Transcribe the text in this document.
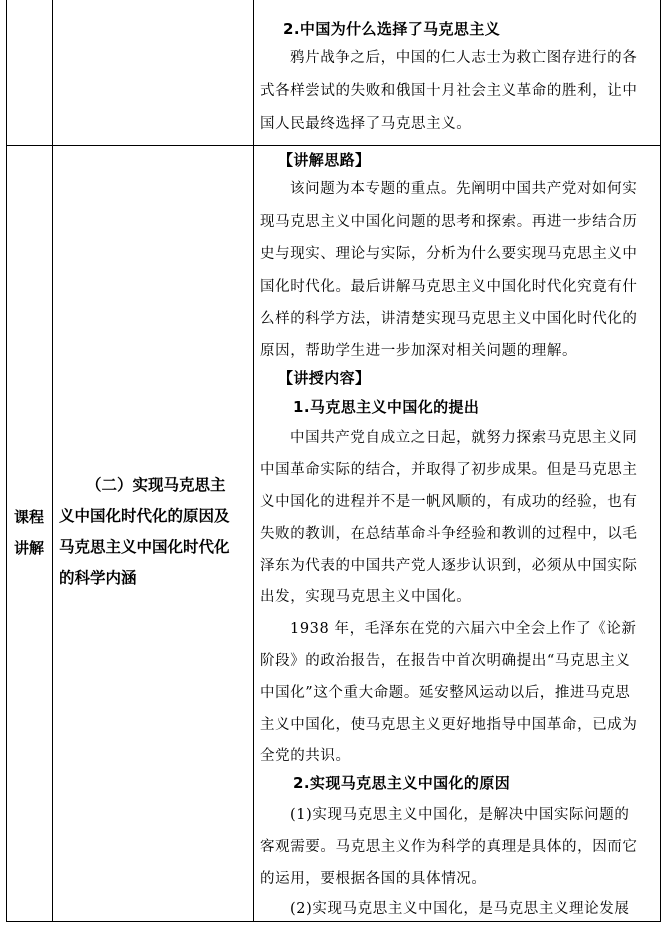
2.中国为什么选择了马克思主义
鸦片战争之后，中国的仁人志士为救亡图存进行的各
式各样尝试的失败和俄国十月社会主义革命的胜利，让中
国人民最终选择了马克思主义。
课程
讲解
（二）实现马克思主
义中国化时代化的原因及
马克思主义中国化时代化
的科学内涵
【讲解思路】
该问题为本专题的重点。先阐明中国共产党对如何实
现马克思主义中国化问题的思考和探索。再进一步结合历
史与现实、理论与实际，分析为什么要实现马克思主义中
国化时代化。最后讲解马克思主义中国化时代化究竟有什
么样的科学方法，讲清楚实现马克思主义中国化时代化的
原因，帮助学生进一步加深对相关问题的理解。
【讲授内容】
1.马克思主义中国化的提出
中国共产党自成立之日起，就努力探索马克思主义同
中国革命实际的结合，并取得了初步成果。但是马克思主
义中国化的进程并不是一帆风顺的，有成功的经验，也有
失败的教训，在总结革命斗争经验和教训的过程中，以毛
泽东为代表的中国共产党人逐步认识到，必须从中国实际
出发，实现马克思主义中国化。
1938 年，毛泽东在党的六届六中全会上作了《论新
阶段》的政治报告，在报告中首次明确提出“马克思主义
中国化”这个重大命题。延安整风运动以后，推进马克思
主义中国化，使马克思主义更好地指导中国革命，已成为
全党的共识。
2.实现马克思主义中国化的原因
(1)实现马克思主义中国化，是解决中国实际问题的
客观需要。马克思主义作为科学的真理是具体的，因而它
的运用，要根据各国的具体情况。
(2)实现马克思主义中国化，是马克思主义理论发展
